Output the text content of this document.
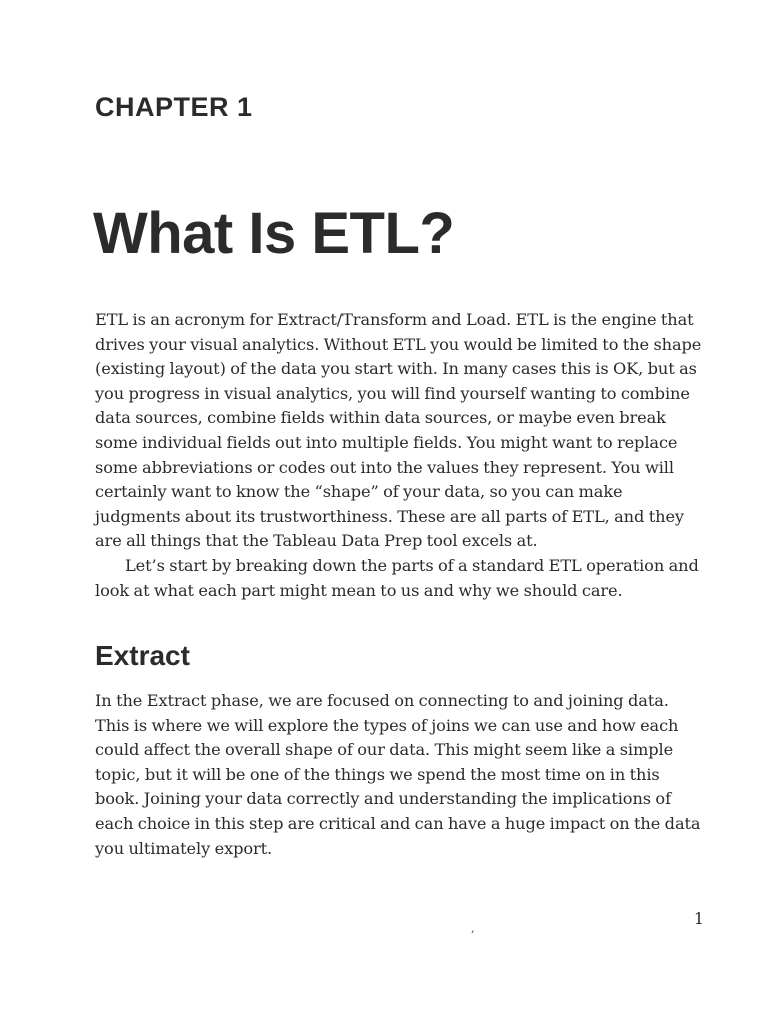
CHAPTER 1
What Is ETL?

ETL is an acronym for Extract/Transform and Load. ETL is the engine that drives your visual analytics. Without ETL you would be limited to the shape (existing layout) of the data you start with. In many cases this is OK, but as you progress in visual analytics, you will find yourself wanting to combine data sources, combine fields within data sources, or maybe even break some individual fields out into multiple fields. You might want to replace some abbreviations or codes out into the values they represent. You will certainly want to know the “shape” of your data, so you can make judgments about its trustworthiness. These are all parts of ETL, and they are all things that the Tableau Data Prep tool excels at.

Let’s start by breaking down the parts of a standard ETL operation and look at what each part might mean to us and why we should care.

Extract

In the Extract phase, we are focused on connecting to and joining data. This is where we will explore the types of joins we can use and how each could affect the overall shape of our data. This might seem like a simple topic, but it will be one of the things we spend the most time on in this book. Joining your data correctly and understanding the implications of each choice in this step are critical and can have a huge impact on the data you ultimately export.

1
,
